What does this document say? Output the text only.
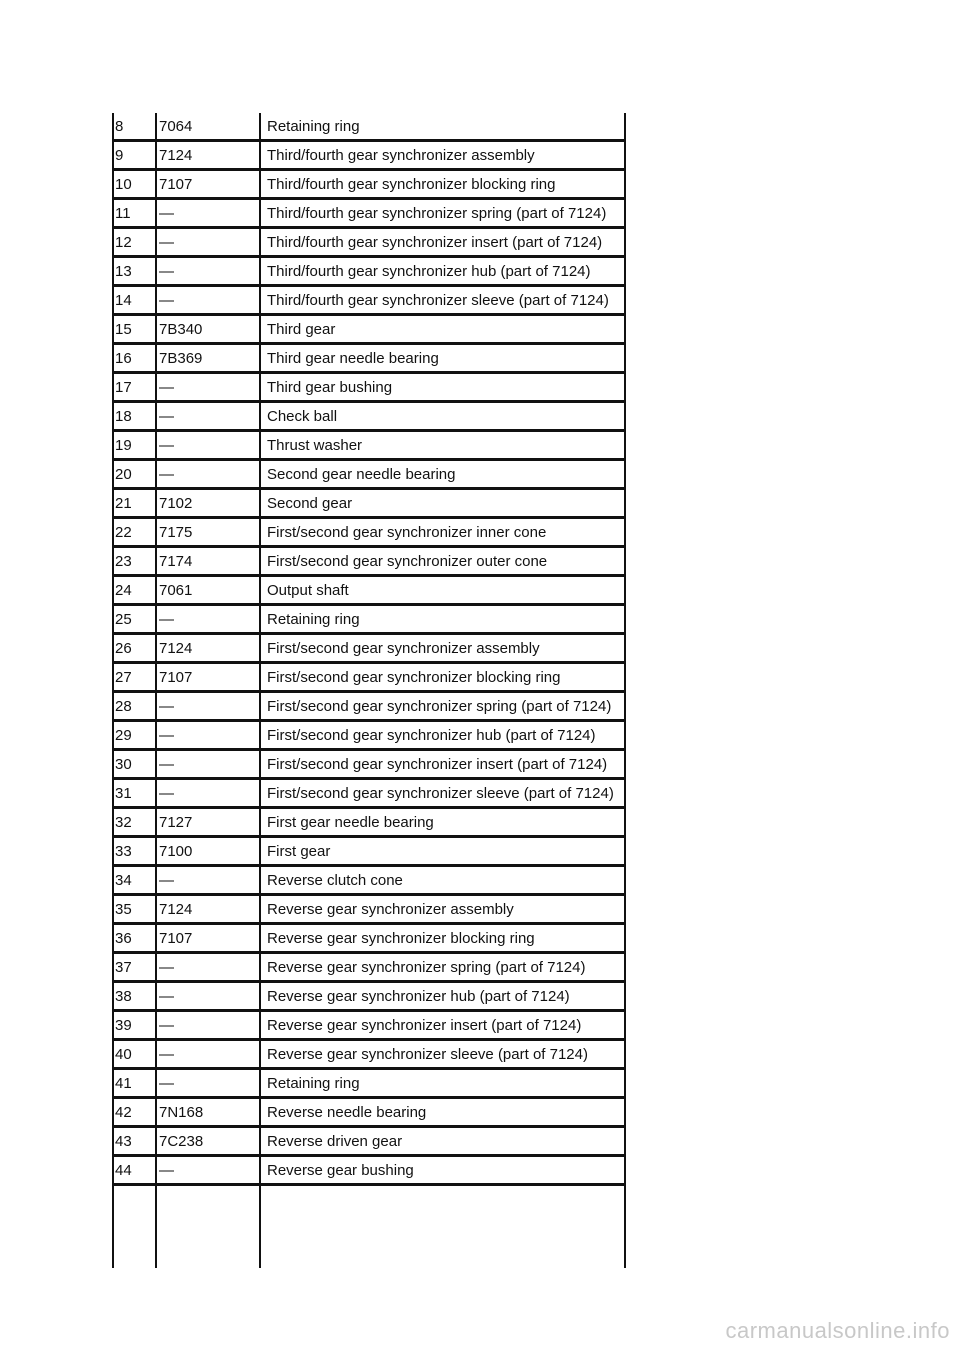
8	7064	Retaining ring
9	7124	Third/fourth gear synchronizer assembly
10	7107	Third/fourth gear synchronizer blocking ring
11	—	Third/fourth gear synchronizer spring (part of 7124)
12	—	Third/fourth gear synchronizer insert (part of 7124)
13	—	Third/fourth gear synchronizer hub (part of 7124)
14	—	Third/fourth gear synchronizer sleeve (part of 7124)
15	7B340	Third gear
16	7B369	Third gear needle bearing
17	—	Third gear bushing
18	—	Check ball
19	—	Thrust washer
20	—	Second gear needle bearing
21	7102	Second gear
22	7175	First/second gear synchronizer inner cone
23	7174	First/second gear synchronizer outer cone
24	7061	Output shaft
25	—	Retaining ring
26	7124	First/second gear synchronizer assembly
27	7107	First/second gear synchronizer blocking ring
28	—	First/second gear synchronizer spring (part of 7124)
29	—	First/second gear synchronizer hub (part of 7124)
30	—	First/second gear synchronizer insert (part of 7124)
31	—	First/second gear synchronizer sleeve (part of 7124)
32	7127	First gear needle bearing
33	7100	First gear
34	—	Reverse clutch cone
35	7124	Reverse gear synchronizer assembly
36	7107	Reverse gear synchronizer blocking ring
37	—	Reverse gear synchronizer spring (part of 7124)
38	—	Reverse gear synchronizer hub (part of 7124)
39	—	Reverse gear synchronizer insert (part of 7124)
40	—	Reverse gear synchronizer sleeve (part of 7124)
41	—	Retaining ring
42	7N168	Reverse needle bearing
43	7C238	Reverse driven gear
44	—	Reverse gear bushing

carmanualsonline.info
